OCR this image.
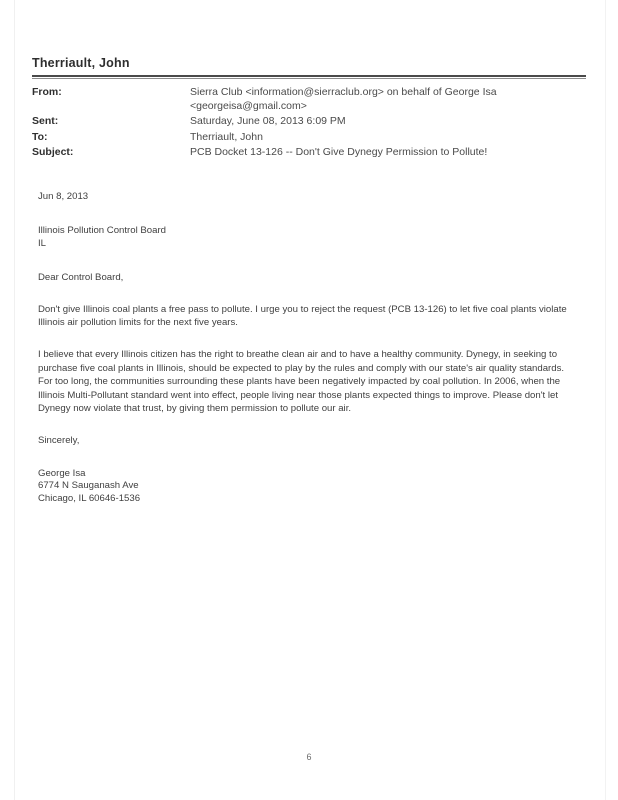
Therriault, John
From:	Sierra Club <information@sierraclub.org> on behalf of George Isa
<georgeisa@gmail.com>
Sent:	Saturday, June 08, 2013 6:09 PM
To:	Therriault, John
Subject:	PCB Docket 13-126 -- Don't Give Dynegy Permission to Pollute!
Jun 8, 2013
Illinois Pollution Control Board
IL
Dear Control Board,

Don't give Illinois coal plants a free pass to pollute. I urge you to reject the request (PCB 13-126) to let five coal plants violate Illinois air pollution limits for the next five years.

I believe that every Illinois citizen has the right to breathe clean air and to have a healthy community. Dynegy, in seeking to purchase five coal plants in Illinois, should be expected to play by the rules and comply with our state's air quality standards. For too long, the communities surrounding these plants have been negatively impacted by coal pollution. In 2006, when the Illinois Multi-Pollutant standard went into effect, people living near those plants expected things to improve. Please don't let Dynegy now violate that trust, by giving them permission to pollute our air.

Sincerely,
George Isa
6774 N Sauganash Ave
Chicago, IL 60646-1536
6
